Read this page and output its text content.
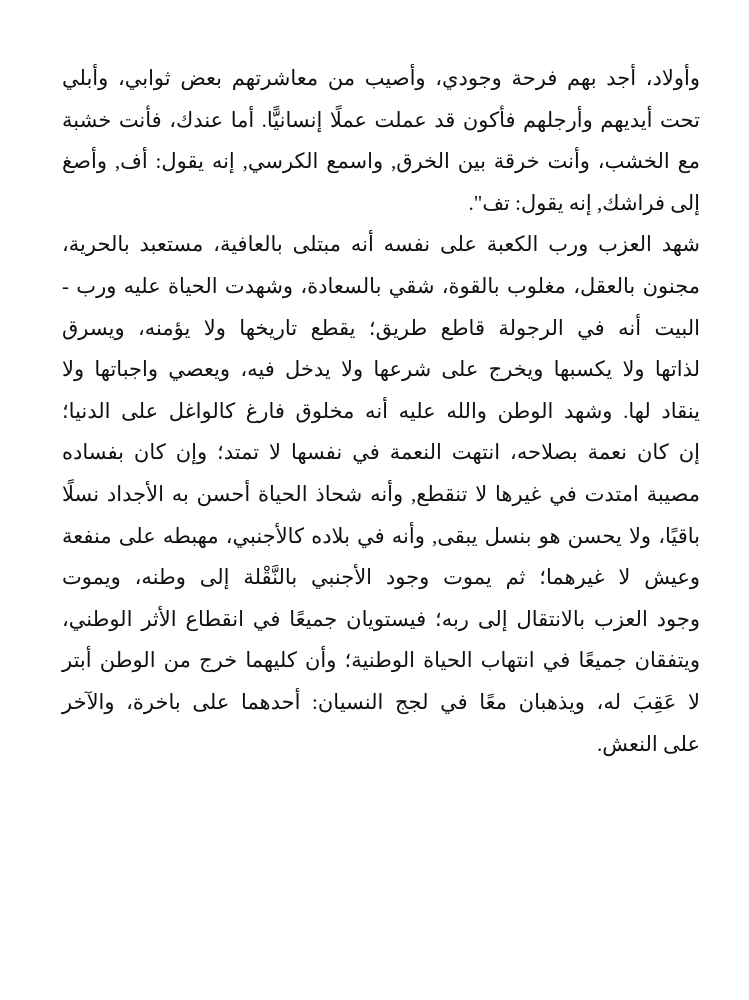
وأولاد، أجد بهم فرحة وجودي، وأصيب من معاشرتهم بعض ثوابي، وأبلي
تحت أيديهم وأرجلهم فأكون قد عملت عملًا إنسانيًّا. أما عندك، فأنت خشبة
مع الخشب، وأنت خرقة بين الخرق, واسمع الكرسي, إنه يقول: أف, وأصغ
إلى فراشك, إنه يقول: تف".
شهد العزب ورب الكعبة على نفسه أنه مبتلى بالعافية، مستعبد بالحرية،
مجنون بالعقل، مغلوب بالقوة، شقي بالسعادة، وشهدت الحياة عليه ورب -
البيت أنه في الرجولة قاطع طريق؛ يقطع تاريخها ولا يؤمنه، ويسرق
لذاتها ولا يكسبها ويخرج على شرعها ولا يدخل فيه، ويعصي واجباتها ولا
ينقاد لها. وشهد الوطن والله عليه أنه مخلوق فارغ كالواغل على الدنيا؛
إن كان نعمة بصلاحه، انتهت النعمة في نفسها لا تمتد؛ وإن كان بفساده
مصيبة امتدت في غيرها لا تنقطع, وأنه شحاذ الحياة أحسن به الأجداد نسلًا
باقيًا، ولا يحسن هو بنسل يبقى, وأنه في بلاده كالأجنبي، مهبطه على منفعة
وعيش لا غيرهما؛ ثم يموت وجود الأجنبي بالنَّقْلة إلى وطنه، ويموت
وجود العزب بالانتقال إلى ربه؛ فيستويان جميعًا في انقطاع الأثر الوطني،
ويتفقان جميعًا في انتهاب الحياة الوطنية؛ وأن كليهما خرج من الوطن أبتر
لا عَقِبَ له، ويذهبان معًا في لجج النسيان: أحدهما على باخرة، والآخر
على النعش.
